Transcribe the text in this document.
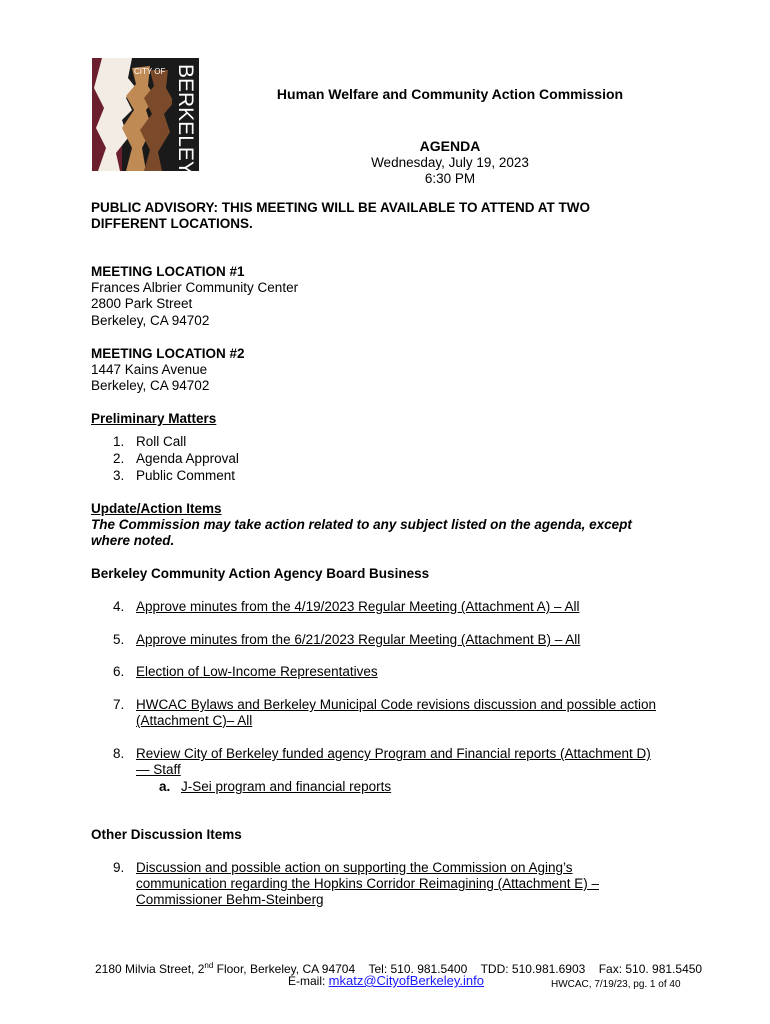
CITY OF BERKELEY	Human Welfare and Community Action Commission
AGENDA
Wednesday, July 19, 2023
6:30 PM
PUBLIC ADVISORY: THIS MEETING WILL BE AVAILABLE TO ATTEND AT TWO
DIFFERENT LOCATIONS.
MEETING LOCATION #1
Frances Albrier Community Center
2800 Park Street
Berkeley, CA 94702
MEETING LOCATION #2
1447 Kains Avenue
Berkeley, CA 94702
Preliminary Matters
1. Roll Call
2. Agenda Approval
3. Public Comment
Update/Action Items
The Commission may take action related to any subject listed on the agenda, except
where noted.
Berkeley Community Action Agency Board Business
4. Approve minutes from the 4/19/2023 Regular Meeting (Attachment A) – All
5. Approve minutes from the 6/21/2023 Regular Meeting (Attachment B) – All
6. Election of Low-Income Representatives
7. HWCAC Bylaws and Berkeley Municipal Code revisions discussion and possible action
(Attachment C)– All
8. Review City of Berkeley funded agency Program and Financial reports (Attachment D)
— Staff
a. J-Sei program and financial reports
Other Discussion Items
9. Discussion and possible action on supporting the Commission on Aging’s
communication regarding the Hopkins Corridor Reimagining (Attachment E) –
Commissioner Behm-Steinberg
2180 Milvia Street, 2nd Floor, Berkeley, CA 94704 Tel: 510. 981.5400 TDD: 510.981.6903 Fax: 510. 981.5450
E-mail: mkatz@CityofBerkeley.info	HWCAC, 7/19/23, pg. 1 of 40
